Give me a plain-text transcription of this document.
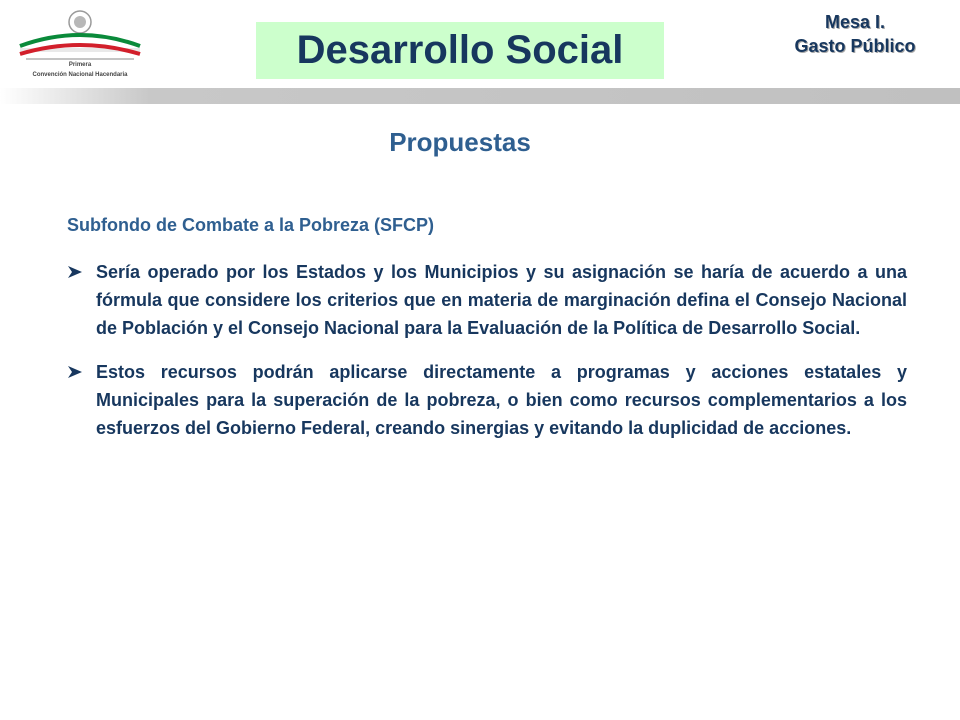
Primera
Convención Nacional Hacendaria
Desarrollo Social
Mesa I.
Gasto Público
Propuestas
Subfondo de Combate a la Pobreza (SFCP)
Sería operado por los Estados y los Municipios y su asignación se haría de acuerdo a una fórmula que considere los criterios que en materia de marginación defina el Consejo Nacional de Población y el Consejo Nacional para la Evaluación de la Política de Desarrollo Social.
Estos recursos podrán aplicarse directamente a programas y acciones estatales y Municipales para la superación de la pobreza, o bien como recursos complementarios a los esfuerzos del Gobierno Federal, creando sinergias y evitando la duplicidad de acciones.
